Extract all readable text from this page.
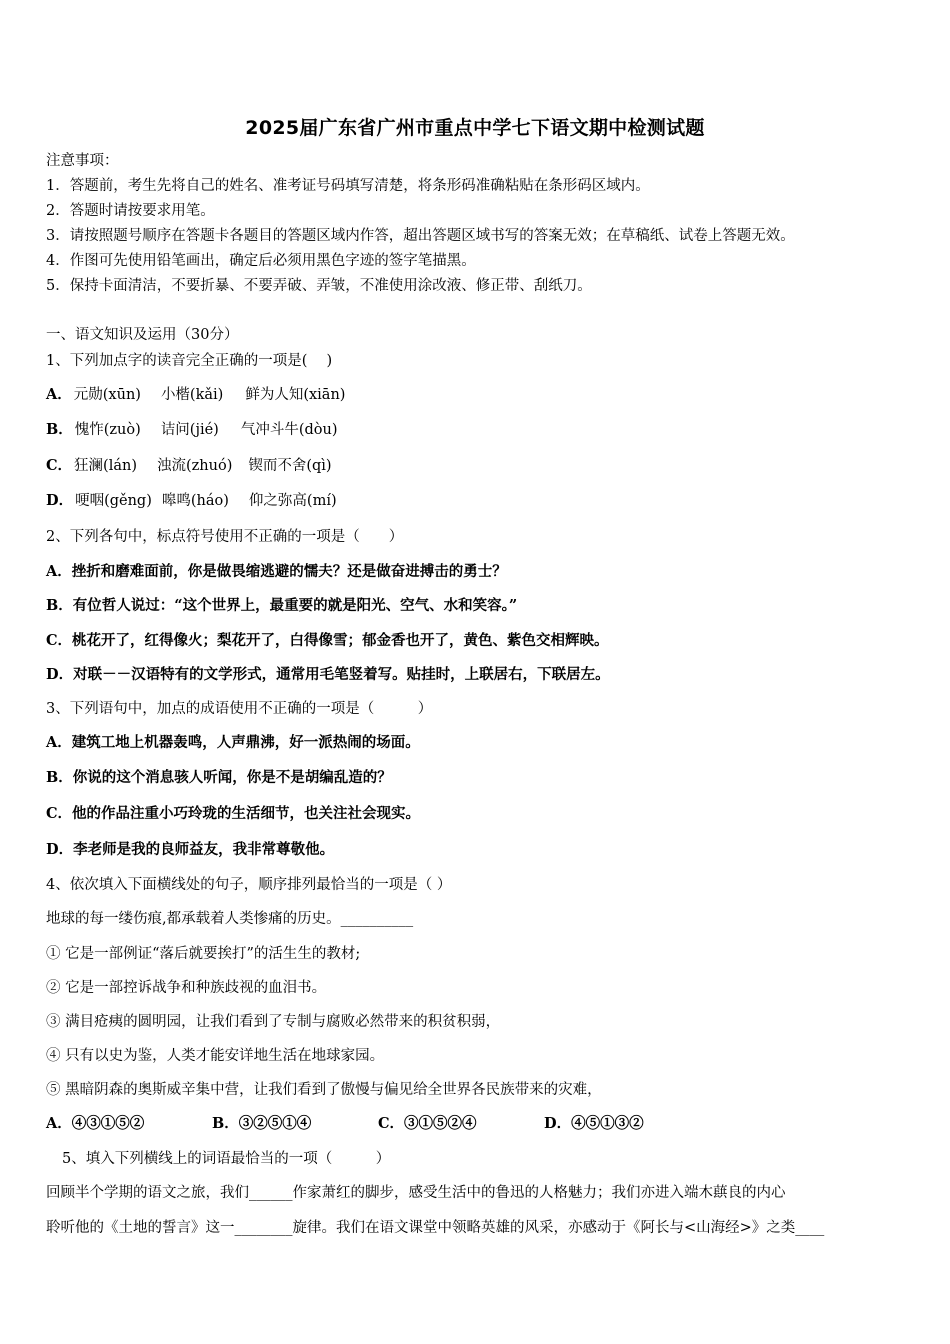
2025届广东省广州市重点中学七下语文期中检测试题
注意事项：
1．答题前，考生先将自己的姓名、准考证号码填写清楚，将条形码准确粘贴在条形码区域内。
2．答题时请按要求用笔。
3．请按照题号顺序在答题卡各题目的答题区域内作答，超出答题区域书写的答案无效；在草稿纸、试卷上答题无效。
4．作图可先使用铅笔画出，确定后必须用黑色字迹的签字笔描黑。
5．保持卡面清洁，不要折暴、不要弄破、弄皱，不准使用涂改液、修正带、刮纸刀。
一、语文知识及运用（30分）
1、下列加点字的读音完全正确的一项是(　 )
A． 元勋(xūn) 小楷(kǎi) 鲜为人知(xiān)
B． 愧怍(zuò) 诘问(jié) 气冲斗牛(dòu)
C． 狂澜(lán) 浊流(zhuó) 锲而不舍(qì)
D． 哽咽(gěng) 嗥鸣(háo) 仰之弥高(mí)
2、下列各句中，标点符号使用不正确的一项是（　　）
A．挫折和磨难面前，你是做畏缩逃避的懦夫？还是做奋进搏击的勇士？
B．有位哲人说过：“这个世界上，最重要的就是阳光、空气、水和笑容。”
C．桃花开了，红得像火；梨花开了，白得像雪；郁金香也开了，黄色、紫色交相辉映。
D．对联－－汉语特有的文学形式，通常用毛笔竖着写。贴挂时，上联居右，下联居左。
3、下列语句中，加点的成语使用不正确的一项是（　　　）
A．建筑工地上机器轰鸣，人声鼎沸，好一派热闹的场面。
B．你说的这个消息骇人听闻，你是不是胡编乱造的？
C．他的作品注重小巧玲珑的生活细节，也关注社会现实。
D．李老师是我的良师益友，我非常尊敬他。
4、依次填入下面横线处的句子，顺序排列最恰当的一项是（ ）
地球的每一缕伤痕,都承载着人类惨痛的历史。__________
① 它是一部例证“落后就要挨打”的活生生的教材;
② 它是一部控诉战争和种族歧视的血泪书。
③ 满目疮痍的圆明园，让我们看到了专制与腐败必然带来的积贫积弱，
④ 只有以史为鉴，人类才能安详地生活在地球家园。
⑤ 黑暗阴森的奥斯威辛集中营，让我们看到了傲慢与偏见给全世界各民族带来的灾难，
A．④③①⑤②	B．③②⑤①④	C．③①⑤②④	D．④⑤①③②
5、填入下列横线上的词语最恰当的一项（　　　）
回顾半个学期的语文之旅，我们______作家萧红的脚步，感受生活中的鲁迅的人格魅力；我们亦进入端木蕻良的内心
聆听他的《土地的誓言》这一________旋律。我们在语文课堂中领略英雄的风采，亦感动于《阿长与<山海经>》之类____
